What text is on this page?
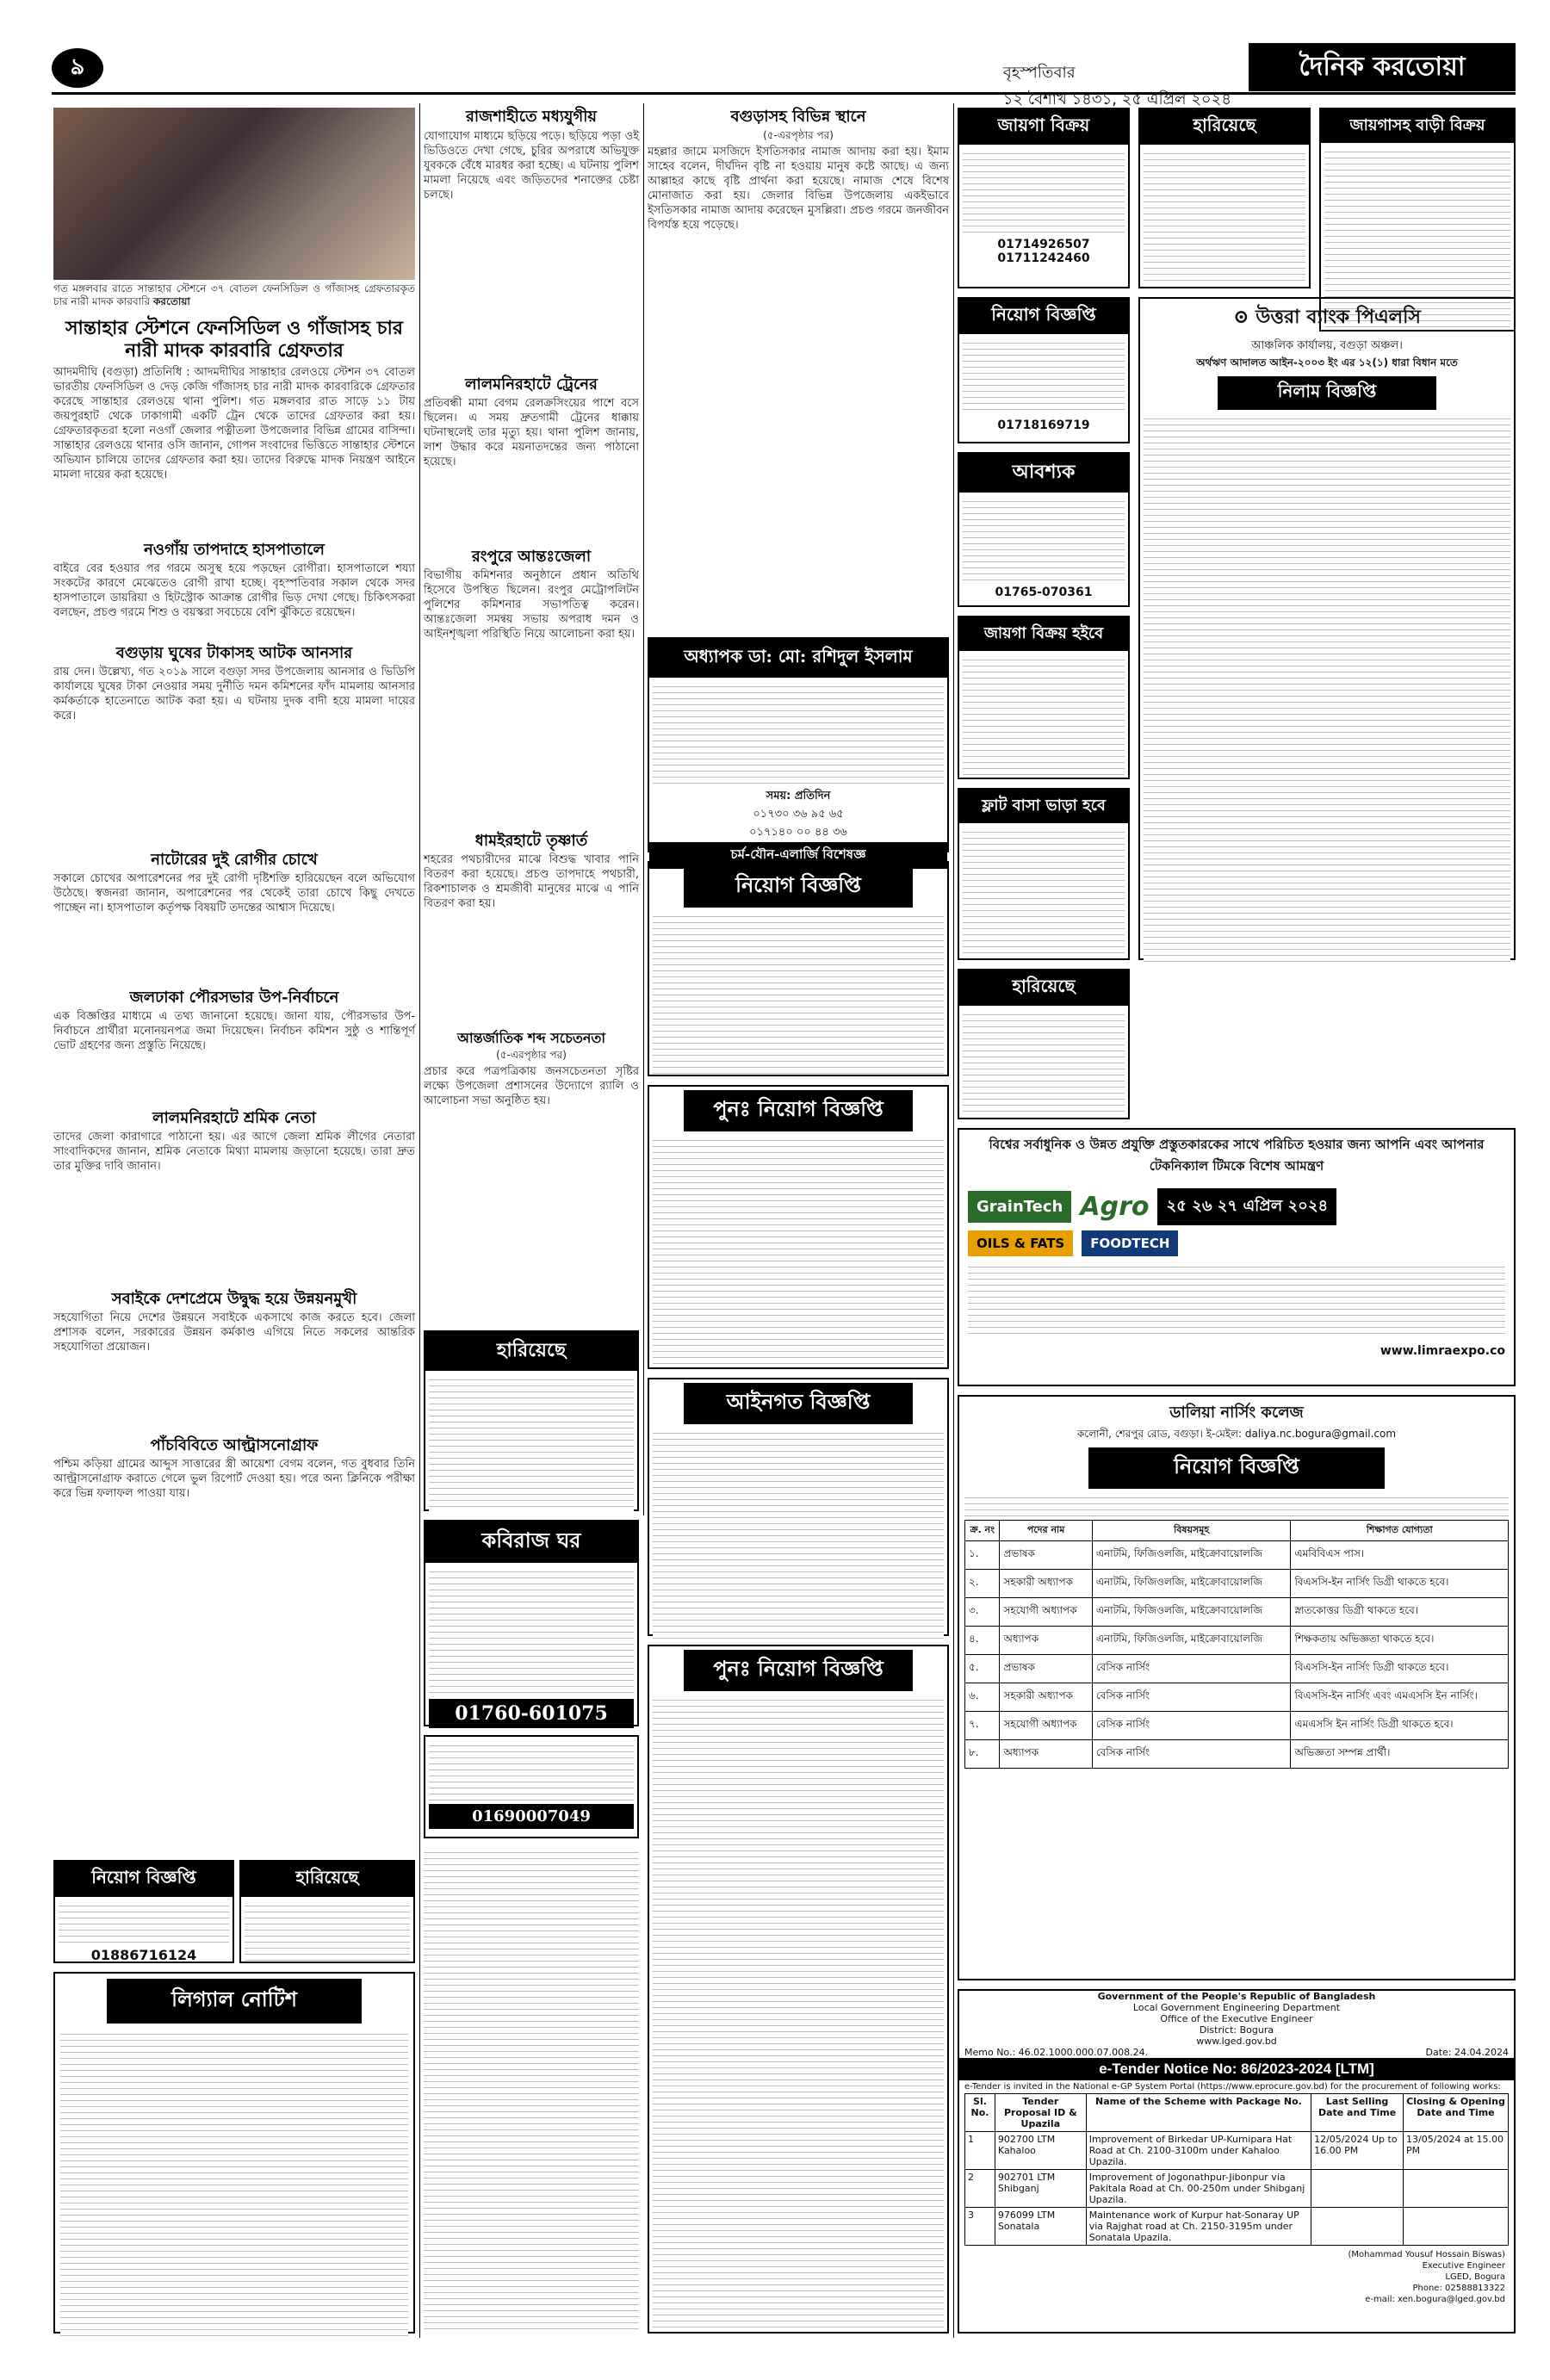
ঌ	বৃহস্পতিবার
১২ বৈশাখ ১৪৩১, ২৫ এপ্রিল ২০২৪
দৈনিক করতোয়া
গত মঙ্গলবার রাতে সান্তাহার স্টেশনে ৩৭ বোতল ফেনসিডিল ও গাঁজাসহ গ্রেফতারকৃত চার নারী মাদক কারবারি করতোয়া
সান্তাহার স্টেশনে ফেনসিডিল ও গাঁজাসহ চার নারী মাদক কারবারি গ্রেফতার
আদমদীঘি (বগুড়া) প্রতিনিধি : আদমদীঘির সান্তাহার রেলওয়ে স্টেশন ৩৭ বোতল ভারতীয় ফেনসিডিল ও দেড় কেজি গাঁজাসহ চার নারী মাদক কারবারিকে গ্রেফতার করেছে সান্তাহার রেলওয়ে থানা পুলিশ। গত মঙ্গলবার রাত সাড়ে ১১ টায় জয়পুরহাট থেকে ঢাকাগামী একটি ট্রেন থেকে তাদের গ্রেফতার করা হয়। গ্রেফতারকৃতরা হলো নওগাঁ জেলার পত্নীতলা উপজেলার বিভিন্ন গ্রামের বাসিন্দা। সান্তাহার রেলওয়ে থানার ওসি জানান, গোপন সংবাদের ভিত্তিতে সান্তাহার স্টেশনে অভিযান চালিয়ে তাদের গ্রেফতার করা হয়। তাদের বিরুদ্ধে মাদক নিয়ন্ত্রণ আইনে মামলা দায়ের করা হয়েছে।
নওগাঁয় তাপদাহে হাসপাতালে
বাইরে বের হওয়ার পর গরমে অসুস্থ হয়ে পড়ছেন রোগীরা। হাসপাতালে শয্যা সংকটের কারণে মেঝেতেও রোগী রাখা হচ্ছে। বৃহস্পতিবার সকাল থেকে সদর হাসপাতালে ডায়রিয়া ও হিটস্ট্রোক আক্রান্ত রোগীর ভিড় দেখা গেছে। চিকিৎসকরা বলছেন, প্রচণ্ড গরমে শিশু ও বয়স্করা সবচেয়ে বেশি ঝুঁকিতে রয়েছেন।
বগুড়ায় ঘুষের টাকাসহ আটক আনসার
রায় দেন। উল্লেখ্য, গত ২০১৯ সালে বগুড়া সদর উপজেলায় আনসার ও ভিডিপি কার্যালয়ে ঘুষের টাকা নেওয়ার সময় দুর্নীতি দমন কমিশনের ফাঁদ মামলায় আনসার কর্মকর্তাকে হাতেনাতে আটক করা হয়। এ ঘটনায় দুদক বাদী হয়ে মামলা দায়ের করে।
নাটোরের দুই রোগীর চোখে
সকালে চোখের অপারেশনের পর দুই রোগী দৃষ্টিশক্তি হারিয়েছেন বলে অভিযোগ উঠেছে। স্বজনরা জানান, অপারেশনের পর থেকেই তারা চোখে কিছু দেখতে পাচ্ছেন না। হাসপাতাল কর্তৃপক্ষ বিষয়টি তদন্তের আশ্বাস দিয়েছে।
জলঢাকা পৌরসভার উপ-নির্বাচনে
এক বিজ্ঞপ্তির মাধ্যমে এ তথ্য জানানো হয়েছে। জানা যায়, পৌরসভার উপ-নির্বাচনে প্রার্থীরা মনোনয়নপত্র জমা দিয়েছেন। নির্বাচন কমিশন সুষ্ঠু ও শান্তিপূর্ণ ভোট গ্রহণের জন্য প্রস্তুতি নিয়েছে।
লালমনিরহাটে শ্রমিক নেতা
তাদের জেলা কারাগারে পাঠানো হয়। এর আগে জেলা শ্রমিক লীগের নেতারা সাংবাদিকদের জানান, শ্রমিক নেতাকে মিথ্যা মামলায় জড়ানো হয়েছে। তারা দ্রুত তার মুক্তির দাবি জানান।
সবাইকে দেশপ্রেমে উদ্বুদ্ধ হয়ে উন্নয়নমুখী
সহযোগিতা নিয়ে দেশের উন্নয়নে সবাইকে একসাথে কাজ করতে হবে। জেলা প্রশাসক বলেন, সরকারের উন্নয়ন কর্মকাণ্ড এগিয়ে নিতে সকলের আন্তরিক সহযোগিতা প্রয়োজন।
পাঁচবিবিতে আল্ট্রাসনোগ্রাফ
পশ্চিম কড়িয়া গ্রামের আব্দুস সাত্তারের স্ত্রী আয়েশা বেগম বলেন, গত বুধবার তিনি আল্ট্রাসনোগ্রাফ করাতে গেলে ভুল রিপোর্ট দেওয়া হয়। পরে অন্য ক্লিনিকে পরীক্ষা করে ভিন্ন ফলাফল পাওয়া যায়।
নিয়োগ বিজ্ঞপ্তি
01886716124
হারিয়েছে
লিগ্যাল নোটিশ
রাজশাহীতে মধ্যযুগীয়
যোগাযোগ মাধ্যমে ছড়িয়ে পড়ে। ছড়িয়ে পড়া ওই ভিডিওতে দেখা গেছে, চুরির অপরাধে অভিযুক্ত যুবককে বেঁধে মারধর করা হচ্ছে। এ ঘটনায় পুলিশ মামলা নিয়েছে এবং জড়িতদের শনাক্তের চেষ্টা চলছে।
লালমনিরহাটে ট্রেনের
প্রতিবন্ধী মামা বেগম রেলক্রসিংয়ের পাশে বসে ছিলেন। এ সময় দ্রুতগামী ট্রেনের ধাক্কায় ঘটনাস্থলেই তার মৃত্যু হয়। থানা পুলিশ জানায়, লাশ উদ্ধার করে ময়নাতদন্তের জন্য পাঠানো হয়েছে।
রংপুরে আন্তঃজেলা
বিভাগীয় কমিশনার অনুষ্ঠানে প্রধান অতিথি হিসেবে উপস্থিত ছিলেন। রংপুর মেট্রোপলিটন পুলিশের কমিশনার সভাপতিত্ব করেন। আন্তঃজেলা সমন্বয় সভায় অপরাধ দমন ও আইনশৃঙ্খলা পরিস্থিতি নিয়ে আলোচনা করা হয়।
ধামইরহাটে তৃষ্ণার্ত
শহরের পথচারীদের মাঝে বিশুদ্ধ খাবার পানি বিতরণ করা হয়েছে। প্রচণ্ড তাপদাহে পথচারী, রিকশাচালক ও শ্রমজীবী মানুষের মাঝে এ পানি বিতরণ করা হয়।
আন্তর্জাতিক শব্দ সচেতনতা
(৫-এরপৃষ্ঠার পর)
প্রচার করে পত্রপত্রিকায় জনসচেতনতা সৃষ্টির লক্ষ্যে উপজেলা প্রশাসনের উদ্যোগে র‍্যালি ও আলোচনা সভা অনুষ্ঠিত হয়।
হারিয়েছে
কবিরাজ ঘর
01760-601075
বগুড়াসহ বিভিন্ন স্থানে
(৫-এরপৃষ্ঠার পর)
মহল্লার জামে মসজিদে ইসতিসকার নামাজ আদায় করা হয়। ইমাম সাহেব বলেন, দীর্ঘদিন বৃষ্টি না হওয়ায় মানুষ কষ্টে আছে। এ জন্য আল্লাহর কাছে বৃষ্টি প্রার্থনা করা হয়েছে। নামাজ শেষে বিশেষ মোনাজাত করা হয়। জেলার বিভিন্ন উপজেলায় একইভাবে ইসতিসকার নামাজ আদায় করেছেন মুসল্লিরা। প্রচণ্ড গরমে জনজীবন বিপর্যস্ত হয়ে পড়েছে।
অধ্যাপক ডা: মো: রশিদুল ইসলাম
সময়: প্রতিদিন
০১৭৩০ ৩৬ ৯৫ ৬৫
০১৭১৪০ ০০ ৪৪ ৩৬
চর্ম-যৌন-এলার্জি বিশেষজ্ঞ
নিয়োগ বিজ্ঞপ্তি
পুনঃ নিয়োগ বিজ্ঞপ্তি
আইনগত বিজ্ঞপ্তি
পুনঃ নিয়োগ বিজ্ঞপ্তি
01690007049
জায়গা বিক্রয়
01714926507
01711242460
হারিয়েছে	জায়গাসহ বাড়ী বিক্রয়
নিয়োগ বিজ্ঞপ্তি
01718169719
আবশ্যক
01765-070361
জায়গা বিক্রয় হইবে
ফ্লাট বাসা ভাড়া হবে
হারিয়েছে
⊙ উত্তরা ব্যাংক পিএলসি
আঞ্চলিক কার্যালয়, বগুড়া অঞ্চল।
অর্থঋণ আদালত আইন-২০০৩ ইং এর ১২(১) ধারা বিধান মতে
নিলাম বিজ্ঞপ্তি
বিশ্বের সর্বাধুনিক ও উন্নত প্রযুক্তি প্রস্তুতকারকের সাথে পরিচিত হওয়ার জন্য আপনি এবং আপনার টেকনিক্যাল টিমকে বিশেষ আমন্ত্রণ
GrainTech Agro	২৫ ২৬ ২৭ এপ্রিল ২০২৪
OILS & FATS	FOODTECH
www.limraexpo.co
ডালিয়া নার্সিং কলেজ
কলোনী, শেরপুর রোড, বগুড়া। ই-মেইল: daliya.nc.bogura@gmail.com
নিয়োগ বিজ্ঞপ্তি
ক্র. নং	পদের নাম	বিষয়সমূহ	শিক্ষাগত যোগ্যতা
১.	প্রভাষক	এনাটমি, ফিজিওলজি, মাইক্রোবায়োলজি	এমবিবিএস পাস।
২.	সহকারী অধ্যাপক	এনাটমি, ফিজিওলজি, মাইক্রোবায়োলজি	বিএসসি-ইন নার্সিং ডিগ্রী থাকতে হবে।
৩.	সহযোগী অধ্যাপক	এনাটমি, ফিজিওলজি, মাইক্রোবায়োলজি	স্নাতকোত্তর ডিগ্রী থাকতে হবে।
৪.	অধ্যাপক	এনাটমি, ফিজিওলজি, মাইক্রোবায়োলজি	শিক্ষকতায় অভিজ্ঞতা থাকতে হবে।
৫.	প্রভাষক	বেসিক নার্সিং	বিএসসি-ইন নার্সিং ডিগ্রী থাকতে হবে।
৬.	সহকারী অধ্যাপক	বেসিক নার্সিং	বিএসসি-ইন নার্সিং এবং এমএসসি ইন নার্সিং।
৭.	সহযোগী অধ্যাপক	বেসিক নার্সিং	এমএসসি ইন নার্সিং ডিগ্রী থাকতে হবে।
৮.	অধ্যাপক	বেসিক নার্সিং	অভিজ্ঞতা সম্পন্ন প্রার্থী।
Government of the People's Republic of Bangladesh
Local Government Engineering Department
Office of the Executive Engineer
District: Bogura
www.lged.gov.bd
Memo No.: 46.02.1000.000.07.008.24.	Date: 24.04.2024
e-Tender Notice No: 86/2023-2024 [LTM]
e-Tender is invited in the National e-GP System Portal (https://www.eprocure.gov.bd) for the procurement of following works:
Sl. No.	Tender Proposal ID & Upazila	Name of the Scheme with Package No.	Last Selling Date and Time	Closing & Opening Date and Time
1	902700 LTM Kahaloo	Improvement of Birkedar UP-Kurnipara Hat Road at Ch. 2100-3100m under Kahaloo Upazila.	12/05/2024 Up to 16.00 PM	13/05/2024 at 15.00 PM
2	902701 LTM Shibganj	Improvement of Jogonathpur-Jibonpur via Pakitala Road at Ch. 00-250m under Shibganj Upazila.		
3	976099 LTM Sonatala	Maintenance work of Kurpur hat-Sonaray UP via Rajghat road at Ch. 2150-3195m under Sonatala Upazila.		
(Mohammad Yousuf Hossain Biswas)
Executive Engineer
LGED, Bogura
Phone: 02588813322
e-mail: xen.bogura@lged.gov.bd
